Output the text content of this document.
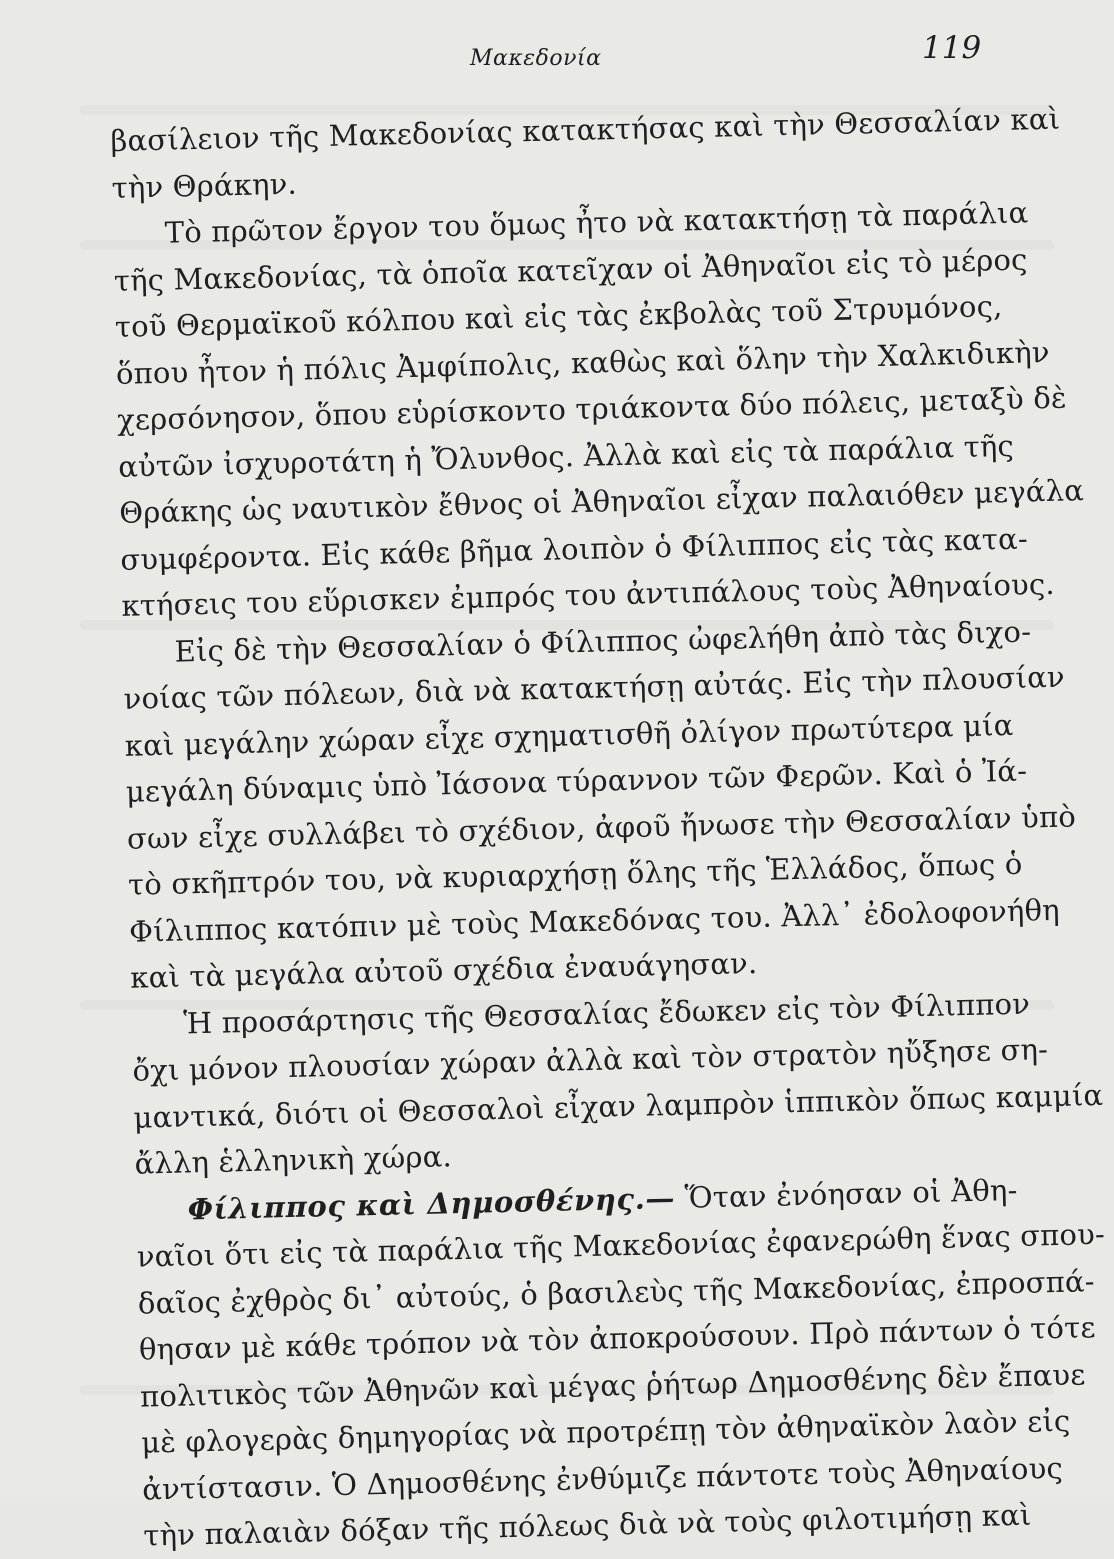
Μακεδονία	119
βασίλειον τῆς Μακεδονίας κατακτήσας καὶ τὴν Θεσσαλίαν καὶ
τὴν Θράκην.
Τὸ πρῶτον ἔργον του ὅμως ἦτο νὰ κατακτήσῃ τὰ παράλια
τῆς Μακεδονίας, τὰ ὁποῖα κατεῖχαν οἱ Ἀθηναῖοι εἰς τὸ μέρος
τοῦ Θερμαϊκοῦ κόλπου καὶ εἰς τὰς ἐκβολὰς τοῦ Στρυμόνος,
ὅπου ἦτον ἡ πόλις Ἀμφίπολις, καθὼς καὶ ὅλην τὴν Χαλκιδικὴν
χερσόνησον, ὅπου εὑρίσκοντο τριάκοντα δύο πόλεις, μεταξὺ δὲ
αὐτῶν ἰσχυροτάτη ἡ Ὄλυνθος. Ἀλλὰ καὶ εἰς τὰ παράλια τῆς
Θράκης ὡς ναυτικὸν ἔθνος οἱ Ἀθηναῖοι εἶχαν παλαιόθεν μεγάλα
συμφέροντα. Εἰς κάθε βῆμα λοιπὸν ὁ Φίλιππος εἰς τὰς κατα-
κτήσεις του εὕρισκεν ἐμπρός του ἀντιπάλους τοὺς Ἀθηναίους.
Εἰς δὲ τὴν Θεσσαλίαν ὁ Φίλιππος ὠφελήθη ἀπὸ τὰς διχο-
νοίας τῶν πόλεων, διὰ νὰ κατακτήσῃ αὐτάς. Εἰς τὴν πλουσίαν
καὶ μεγάλην χώραν εἶχε σχηματισθῆ ὀλίγον πρωτύτερα μία
μεγάλη δύναμις ὑπὸ Ἰάσονα τύραννον τῶν Φερῶν. Καὶ ὁ Ἰά-
σων εἶχε συλλάβει τὸ σχέδιον, ἀφοῦ ἤνωσε τὴν Θεσσαλίαν ὑπὸ
τὸ σκῆπτρόν του, νὰ κυριαρχήσῃ ὅλης τῆς Ἑλλάδος, ὅπως ὁ
Φίλιππος κατόπιν μὲ τοὺς Μακεδόνας του. Ἀλλ᾽ ἐδολοφονήθη
καὶ τὰ μεγάλα αὐτοῦ σχέδια ἐναυάγησαν.
Ἡ προσάρτησις τῆς Θεσσαλίας ἔδωκεν εἰς τὸν Φίλιππον
ὄχι μόνον πλουσίαν χώραν ἀλλὰ καὶ τὸν στρατὸν ηὔξησε ση-
μαντικά, διότι οἱ Θεσσαλοὶ εἶχαν λαμπρὸν ἱππικὸν ὅπως καμμία
ἄλλη ἑλληνικὴ χώρα.
Φίλιππος καὶ Δημοσθένης.— Ὅταν ἐνόησαν οἱ Ἀθη-
ναῖοι ὅτι εἰς τὰ παράλια τῆς Μακεδονίας ἐφανερώθη ἕνας σπου-
δαῖος ἐχθρὸς δι᾽ αὐτούς, ὁ βασιλεὺς τῆς Μακεδονίας, ἐπροσπά-
θησαν μὲ κάθε τρόπον νὰ τὸν ἀποκρούσουν. Πρὸ πάντων ὁ τότε
πολιτικὸς τῶν Ἀθηνῶν καὶ μέγας ῥήτωρ Δημοσθένης δὲν ἔπαυε
μὲ φλογερὰς δημηγορίας νὰ προτρέπῃ τὸν ἀθηναϊκὸν λαὸν εἰς
ἀντίστασιν. Ὁ Δημοσθένης ἐνθύμιζε πάντοτε τοὺς Ἀθηναίους
τὴν παλαιὰν δόξαν τῆς πόλεως διὰ νὰ τοὺς φιλοτιμήσῃ καὶ
